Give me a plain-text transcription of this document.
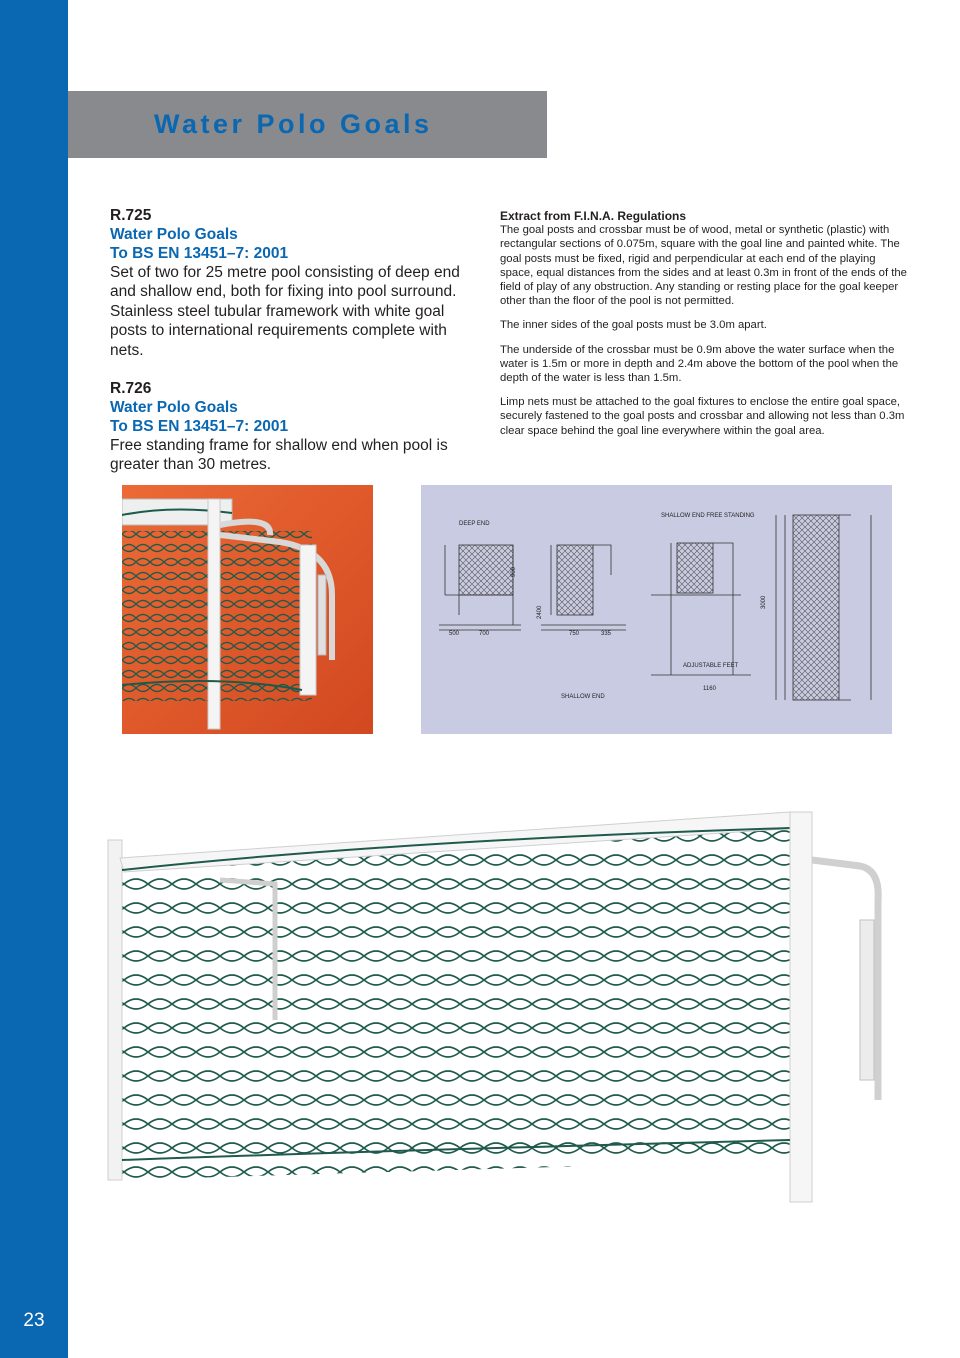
23
Water Polo Goals
R.725
Water Polo Goals
To BS EN 13451–7: 2001
Set of two for 25 metre pool consisting of deep end and shallow end, both for fixing into pool surround. Stainless steel tubular framework with white goal posts to international requirements complete with nets.
R.726
Water Polo Goals
To BS EN 13451–7: 2001
Free standing frame for shallow end when pool is greater than 30 metres.
Extract from F.I.N.A. Regulations

The goal posts and crossbar must be of wood, metal or synthetic (plastic) with rectangular sections of 0.075m, square with the goal line and painted white. The goal posts must be fixed, rigid and perpendicular at each end of the playing space, equal distances from the sides and at least 0.3m in front of the ends of the field of play of any obstruction. Any standing or resting place for the goal keeper other than the floor of the pool is not permitted.

The inner sides of the goal posts must be 3.0m apart.

The underside of the crossbar must be 0.9m above the water surface when the water is 1.5m or more in depth and 2.4m above the bottom of the pool when the depth of the water is less than 1.5m.

Limp nets must be attached to the goal fixtures to enclose the entire goal space, securely fastened to the goal posts and crossbar and allowing not less than 0.3m clear space behind the goal line everywhere within the goal area.

DEEP END
SHALLOW END FREE STANDING
SHALLOW END
ADJUSTABLE FEET
500	700	750	335
1160
3000
2400
900
